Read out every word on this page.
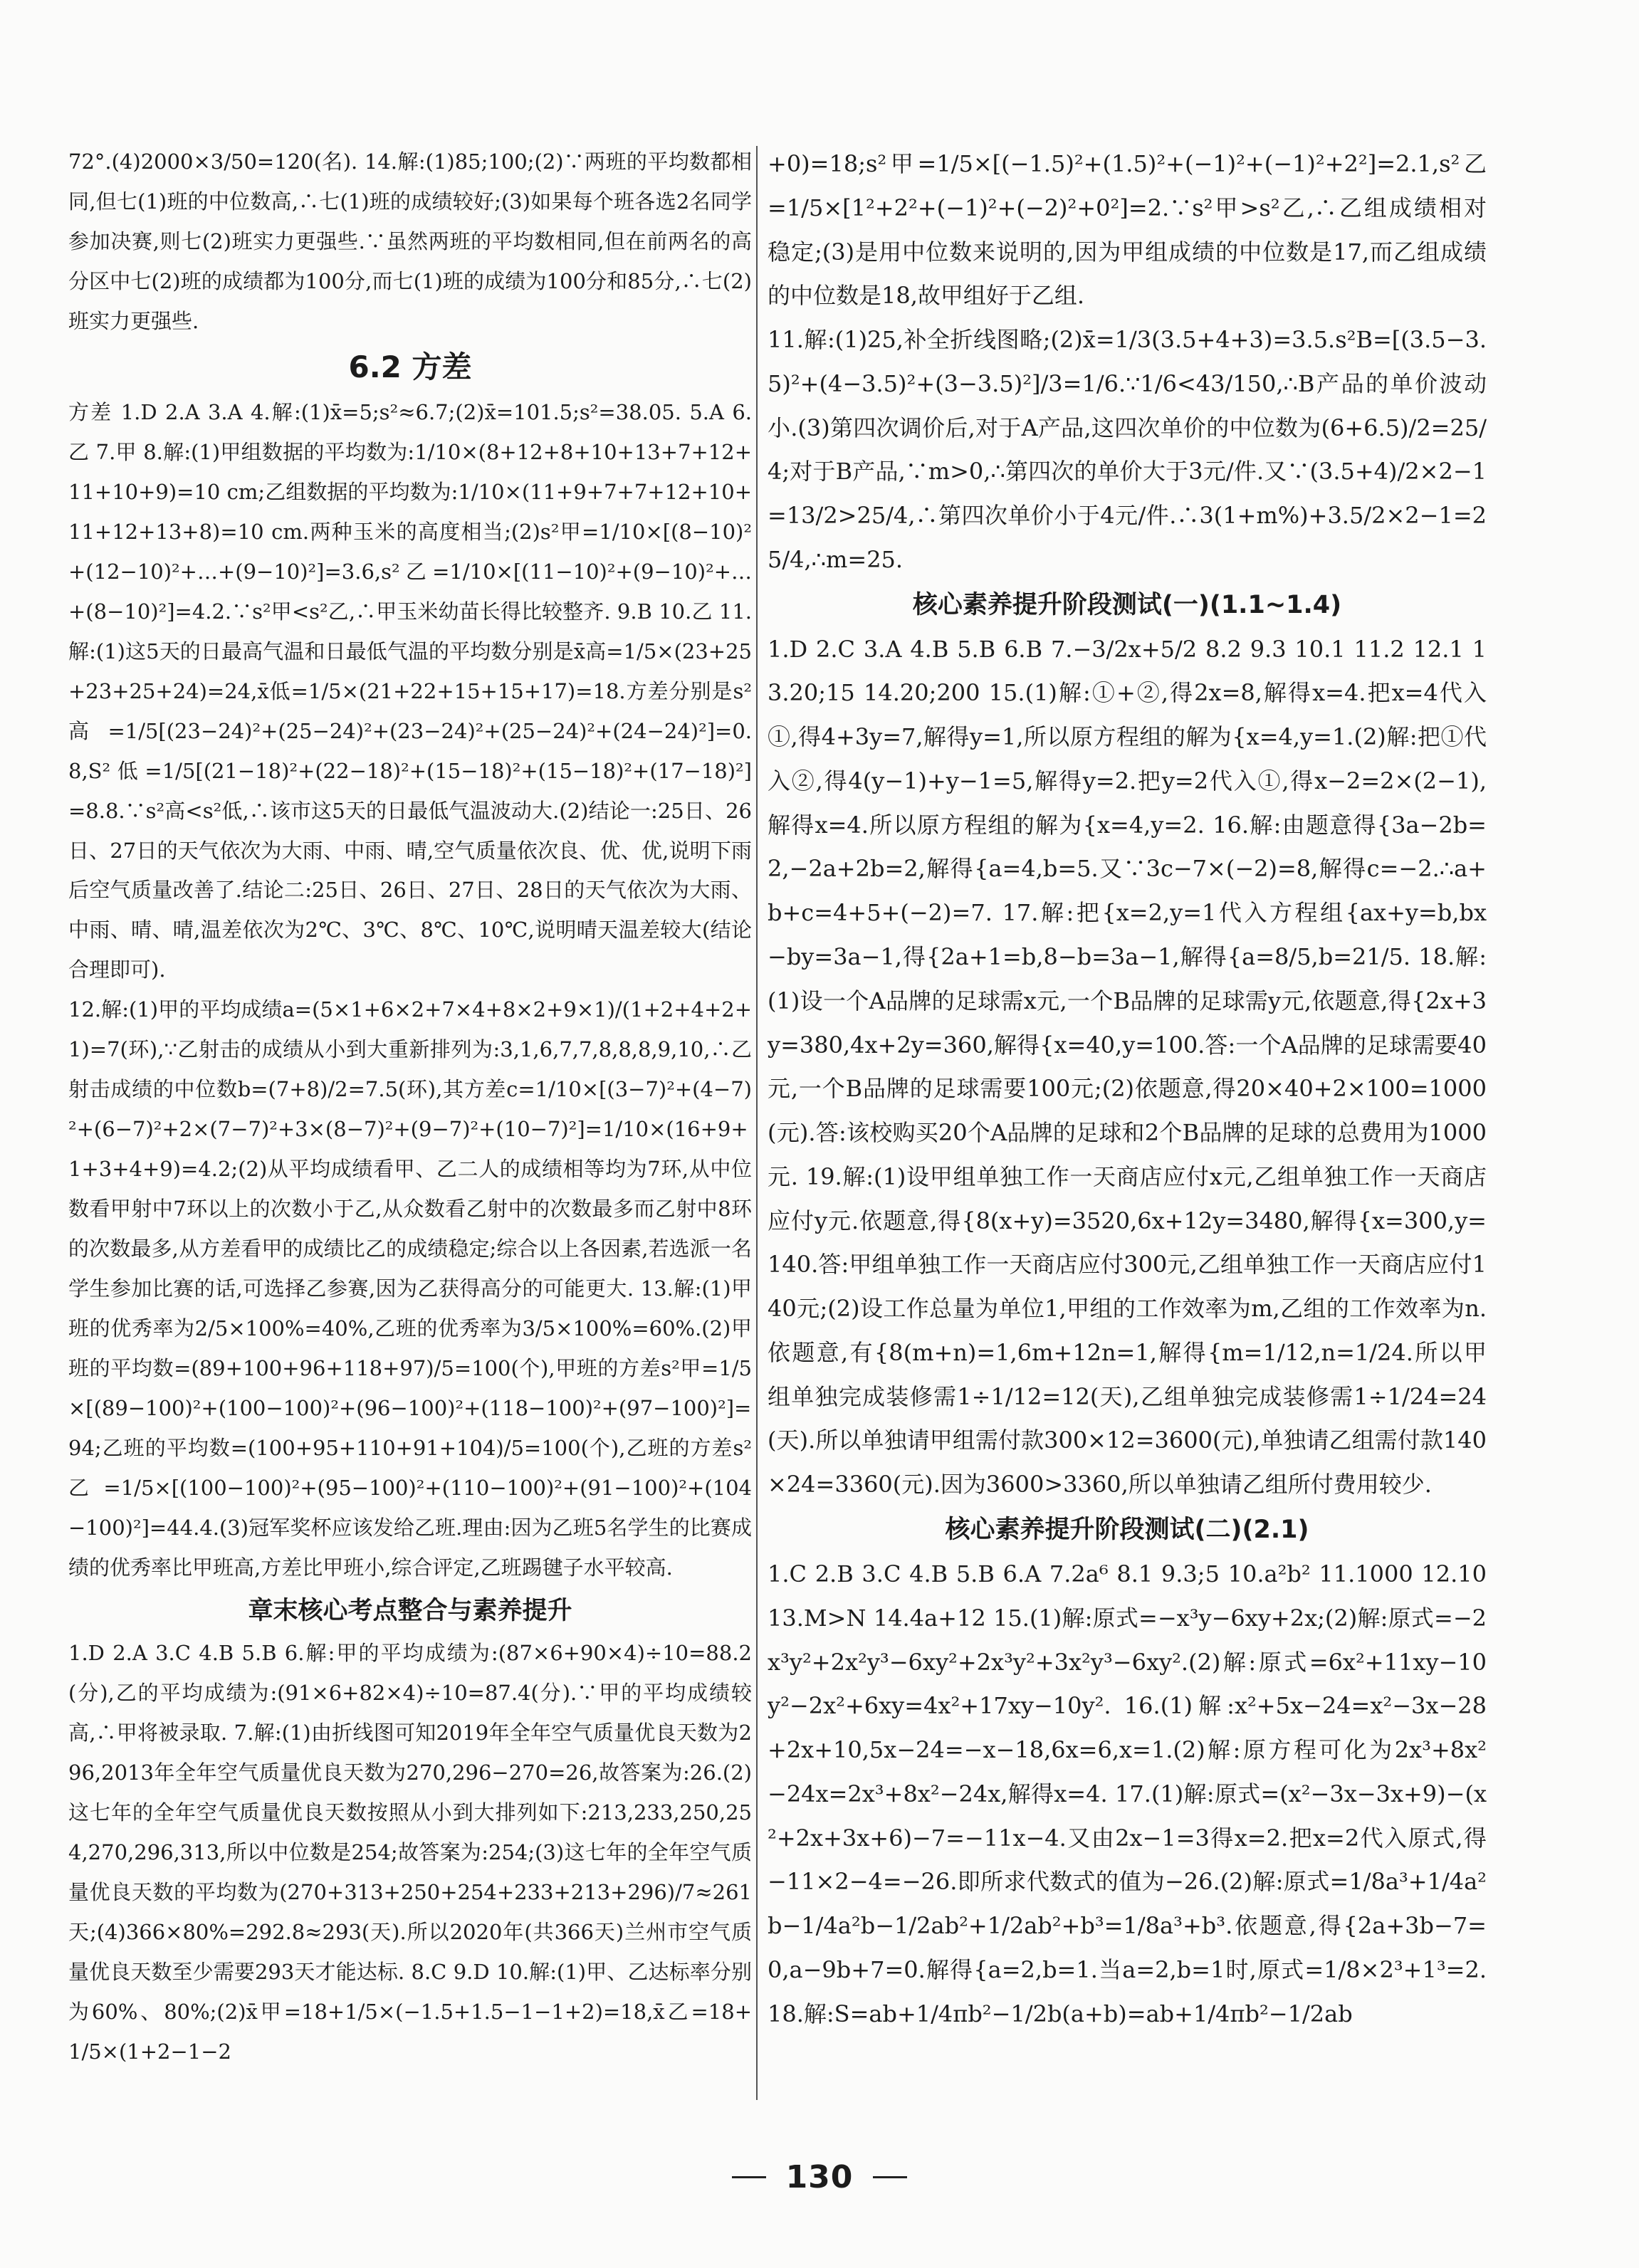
72°.(4)2000×3/50=120(名). 14.解:(1)85;100;(2)∵两班的平均数都相同,但七(1)班的中位数高,∴七(1)班的成绩较好;(3)如果每个班各选2名同学参加决赛,则七(2)班实力更强些.∵虽然两班的平均数相同,但在前两名的高分区中七(2)班的成绩都为100分,而七(1)班的成绩为100分和85分,∴七(2)班实力更强些.

6.2 方差

方差 1.D 2.A 3.A 4.解:(1)x̄=5;s²≈6.7;(2)x̄=101.5;s²=38.05. 5.A 6.乙 7.甲 8.解:(1)甲组数据的平均数为:1/10×(8+12+8+10+13+7+12+11+10+9)=10 cm;乙组数据的平均数为:1/10×(11+9+7+7+12+10+11+12+13+8)=10 cm.两种玉米的高度相当;(2)s²甲=1/10×[(8−10)²+(12−10)²+…+(9−10)²]=3.6,s²乙=1/10×[(11−10)²+(9−10)²+…+(8−10)²]=4.2.∵s²甲<s²乙,∴甲玉米幼苗长得比较整齐. 9.B 10.乙 11.解:(1)这5天的日最高气温和日最低气温的平均数分别是x̄高=1/5×(23+25+23+25+24)=24,x̄低=1/5×(21+22+15+15+17)=18.方差分别是s²高=1/5[(23−24)²+(25−24)²+(23−24)²+(25−24)²+(24−24)²]=0.8,S²低=1/5[(21−18)²+(22−18)²+(15−18)²+(15−18)²+(17−18)²]=8.8.∵s²高<s²低,∴该市这5天的日最低气温波动大.(2)结论一:25日、26日、27日的天气依次为大雨、中雨、晴,空气质量依次良、优、优,说明下雨后空气质量改善了.结论二:25日、26日、27日、28日的天气依次为大雨、中雨、晴、晴,温差依次为2℃、3℃、8℃、10℃,说明晴天温差较大(结论合理即可).

12.解:(1)甲的平均成绩a=(5×1+6×2+7×4+8×2+9×1)/(1+2+4+2+1)=7(环),∵乙射击的成绩从小到大重新排列为:3,1,6,7,7,8,8,8,9,10,∴乙射击成绩的中位数b=(7+8)/2=7.5(环),其方差c=1/10×[(3−7)²+(4−7)²+(6−7)²+2×(7−7)²+3×(8−7)²+(9−7)²+(10−7)²]=1/10×(16+9+1+3+4+9)=4.2;(2)从平均成绩看甲、乙二人的成绩相等均为7环,从中位数看甲射中7环以上的次数小于乙,从众数看乙射中的次数最多而乙射中8环的次数最多,从方差看甲的成绩比乙的成绩稳定;综合以上各因素,若选派一名学生参加比赛的话,可选择乙参赛,因为乙获得高分的可能更大. 13.解:(1)甲班的优秀率为2/5×100%=40%,乙班的优秀率为3/5×100%=60%.(2)甲班的平均数=(89+100+96+118+97)/5=100(个),甲班的方差s²甲=1/5×[(89−100)²+(100−100)²+(96−100)²+(118−100)²+(97−100)²]=94;乙班的平均数=(100+95+110+91+104)/5=100(个),乙班的方差s²乙=1/5×[(100−100)²+(95−100)²+(110−100)²+(91−100)²+(104−100)²]=44.4.(3)冠军奖杯应该发给乙班.理由:因为乙班5名学生的比赛成绩的优秀率比甲班高,方差比甲班小,综合评定,乙班踢毽子水平较高.

章末核心考点整合与素养提升

1.D 2.A 3.C 4.B 5.B 6.解:甲的平均成绩为:(87×6+90×4)÷10=88.2(分),乙的平均成绩为:(91×6+82×4)÷10=87.4(分).∵甲的平均成绩较高,∴甲将被录取. 7.解:(1)由折线图可知2019年全年空气质量优良天数为296,2013年全年空气质量优良天数为270,296−270=26,故答案为:26.(2)这七年的全年空气质量优良天数按照从小到大排列如下:213,233,250,254,270,296,313,所以中位数是254;故答案为:254;(3)这七年的全年空气质量优良天数的平均数为(270+313+250+254+233+213+296)/7≈261天;(4)366×80%=292.8≈293(天).所以2020年(共366天)兰州市空气质量优良天数至少需要293天才能达标. 8.C 9.D 10.解:(1)甲、乙达标率分别为60%、80%;(2)x̄甲=18+1/5×(−1.5+1.5−1−1+2)=18,x̄乙=18+1/5×(1+2−1−2

+0)=18;s²甲=1/5×[(−1.5)²+(1.5)²+(−1)²+(−1)²+2²]=2.1,s²乙=1/5×[1²+2²+(−1)²+(−2)²+0²]=2.∵s²甲>s²乙,∴乙组成绩相对稳定;(3)是用中位数来说明的,因为甲组成绩的中位数是17,而乙组成绩的中位数是18,故甲组好于乙组.

11.解:(1)25,补全折线图略;(2)x̄=1/3(3.5+4+3)=3.5.s²B=[(3.5−3.5)²+(4−3.5)²+(3−3.5)²]/3=1/6.∵1/6<43/150,∴B产品的单价波动小.(3)第四次调价后,对于A产品,这四次单价的中位数为(6+6.5)/2=25/4;对于B产品,∵m>0,∴第四次的单价大于3元/件.又∵(3.5+4)/2×2−1=13/2>25/4,∴第四次单价小于4元/件.∴3(1+m%)+3.5/2×2−1=25/4,∴m=25.

核心素养提升阶段测试(一)(1.1~1.4)

1.D 2.C 3.A 4.B 5.B 6.B 7.−3/2x+5/2 8.2 9.3 10.1 11.2 12.1 13.20;15 14.20;200 15.(1)解:①+②,得2x=8,解得x=4.把x=4代入①,得4+3y=7,解得y=1,所以原方程组的解为{x=4,y=1.(2)解:把①代入②,得4(y−1)+y−1=5,解得y=2.把y=2代入①,得x−2=2×(2−1),解得x=4.所以原方程组的解为{x=4,y=2. 16.解:由题意得{3a−2b=2,−2a+2b=2,解得{a=4,b=5.又∵3c−7×(−2)=8,解得c=−2.∴a+b+c=4+5+(−2)=7. 17.解:把{x=2,y=1代入方程组{ax+y=b,bx−by=3a−1,得{2a+1=b,8−b=3a−1,解得{a=8/5,b=21/5. 18.解:(1)设一个A品牌的足球需x元,一个B品牌的足球需y元,依题意,得{2x+3y=380,4x+2y=360,解得{x=40,y=100.答:一个A品牌的足球需要40元,一个B品牌的足球需要100元;(2)依题意,得20×40+2×100=1000(元).答:该校购买20个A品牌的足球和2个B品牌的足球的总费用为1000元. 19.解:(1)设甲组单独工作一天商店应付x元,乙组单独工作一天商店应付y元.依题意,得{8(x+y)=3520,6x+12y=3480,解得{x=300,y=140.答:甲组单独工作一天商店应付300元,乙组单独工作一天商店应付140元;(2)设工作总量为单位1,甲组的工作效率为m,乙组的工作效率为n.依题意,有{8(m+n)=1,6m+12n=1,解得{m=1/12,n=1/24.所以甲组单独完成装修需1÷1/12=12(天),乙组单独完成装修需1÷1/24=24(天).所以单独请甲组需付款300×12=3600(元),单独请乙组需付款140×24=3360(元).因为3600>3360,所以单独请乙组所付费用较少.

核心素养提升阶段测试(二)(2.1)

1.C 2.B 3.C 4.B 5.B 6.A 7.2a⁶ 8.1 9.3;5 10.a²b² 11.1000 12.10 13.M>N 14.4a+12 15.(1)解:原式=−x³y−6xy+2x;(2)解:原式=−2x³y²+2x²y³−6xy²+2x³y²+3x²y³−6xy².(2)解:原式=6x²+11xy−10y²−2x²+6xy=4x²+17xy−10y². 16.(1)解:x²+5x−24=x²−3x−28+2x+10,5x−24=−x−18,6x=6,x=1.(2)解:原方程可化为2x³+8x²−24x=2x³+8x²−24x,解得x=4. 17.(1)解:原式=(x²−3x−3x+9)−(x²+2x+3x+6)−7=−11x−4.又由2x−1=3得x=2.把x=2代入原式,得−11×2−4=−26.即所求代数式的值为−26.(2)解:原式=1/8a³+1/4a²b−1/4a²b−1/2ab²+1/2ab²+b³=1/8a³+b³.依题意,得{2a+3b−7=0,a−9b+7=0.解得{a=2,b=1.当a=2,b=1时,原式=1/8×2³+1³=2. 18.解:S=ab+1/4πb²−1/2b(a+b)=ab+1/4πb²−1/2ab

130
